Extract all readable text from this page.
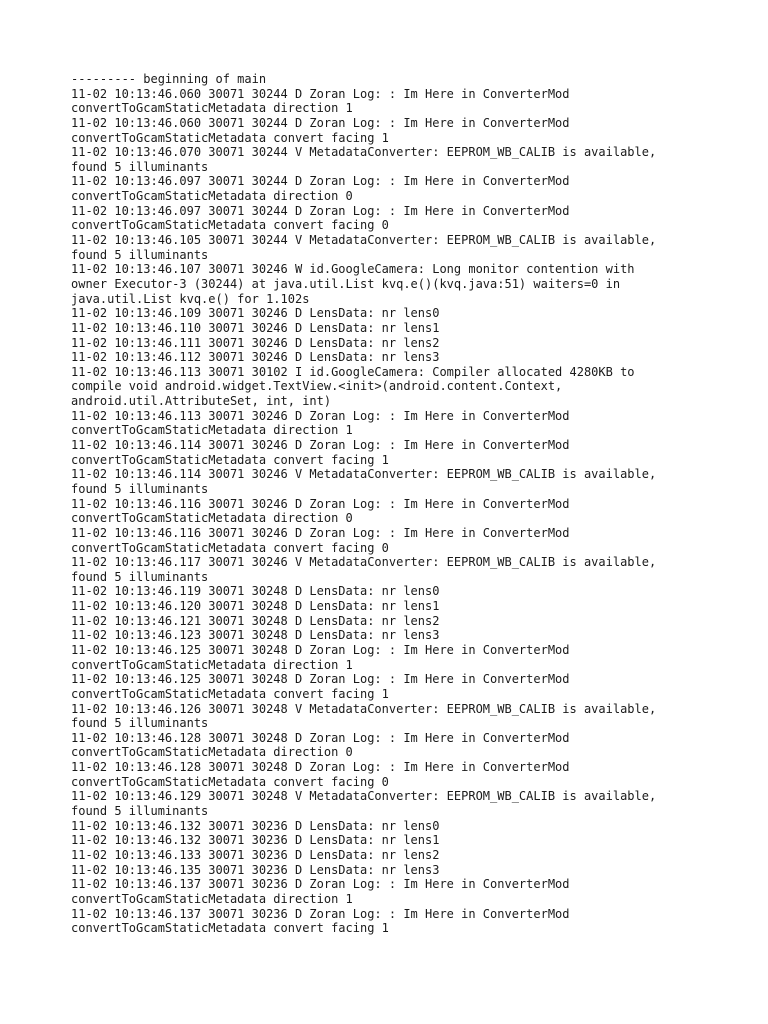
--------- beginning of main
11-02 10:13:46.060 30071 30244 D Zoran Log: : Im Here in ConverterMod
convertToGcamStaticMetadata direction 1
11-02 10:13:46.060 30071 30244 D Zoran Log: : Im Here in ConverterMod
convertToGcamStaticMetadata convert facing 1
11-02 10:13:46.070 30071 30244 V MetadataConverter: EEPROM_WB_CALIB is available,
found 5 illuminants
11-02 10:13:46.097 30071 30244 D Zoran Log: : Im Here in ConverterMod
convertToGcamStaticMetadata direction 0
11-02 10:13:46.097 30071 30244 D Zoran Log: : Im Here in ConverterMod
convertToGcamStaticMetadata convert facing 0
11-02 10:13:46.105 30071 30244 V MetadataConverter: EEPROM_WB_CALIB is available,
found 5 illuminants
11-02 10:13:46.107 30071 30246 W id.GoogleCamera: Long monitor contention with
owner Executor-3 (30244) at java.util.List kvq.e()(kvq.java:51) waiters=0 in
java.util.List kvq.e() for 1.102s
11-02 10:13:46.109 30071 30246 D LensData: nr lens0
11-02 10:13:46.110 30071 30246 D LensData: nr lens1
11-02 10:13:46.111 30071 30246 D LensData: nr lens2
11-02 10:13:46.112 30071 30246 D LensData: nr lens3
11-02 10:13:46.113 30071 30102 I id.GoogleCamera: Compiler allocated 4280KB to
compile void android.widget.TextView.<init>(android.content.Context,
android.util.AttributeSet, int, int)
11-02 10:13:46.113 30071 30246 D Zoran Log: : Im Here in ConverterMod
convertToGcamStaticMetadata direction 1
11-02 10:13:46.114 30071 30246 D Zoran Log: : Im Here in ConverterMod
convertToGcamStaticMetadata convert facing 1
11-02 10:13:46.114 30071 30246 V MetadataConverter: EEPROM_WB_CALIB is available,
found 5 illuminants
11-02 10:13:46.116 30071 30246 D Zoran Log: : Im Here in ConverterMod
convertToGcamStaticMetadata direction 0
11-02 10:13:46.116 30071 30246 D Zoran Log: : Im Here in ConverterMod
convertToGcamStaticMetadata convert facing 0
11-02 10:13:46.117 30071 30246 V MetadataConverter: EEPROM_WB_CALIB is available,
found 5 illuminants
11-02 10:13:46.119 30071 30248 D LensData: nr lens0
11-02 10:13:46.120 30071 30248 D LensData: nr lens1
11-02 10:13:46.121 30071 30248 D LensData: nr lens2
11-02 10:13:46.123 30071 30248 D LensData: nr lens3
11-02 10:13:46.125 30071 30248 D Zoran Log: : Im Here in ConverterMod
convertToGcamStaticMetadata direction 1
11-02 10:13:46.125 30071 30248 D Zoran Log: : Im Here in ConverterMod
convertToGcamStaticMetadata convert facing 1
11-02 10:13:46.126 30071 30248 V MetadataConverter: EEPROM_WB_CALIB is available,
found 5 illuminants
11-02 10:13:46.128 30071 30248 D Zoran Log: : Im Here in ConverterMod
convertToGcamStaticMetadata direction 0
11-02 10:13:46.128 30071 30248 D Zoran Log: : Im Here in ConverterMod
convertToGcamStaticMetadata convert facing 0
11-02 10:13:46.129 30071 30248 V MetadataConverter: EEPROM_WB_CALIB is available,
found 5 illuminants
11-02 10:13:46.132 30071 30236 D LensData: nr lens0
11-02 10:13:46.132 30071 30236 D LensData: nr lens1
11-02 10:13:46.133 30071 30236 D LensData: nr lens2
11-02 10:13:46.135 30071 30236 D LensData: nr lens3
11-02 10:13:46.137 30071 30236 D Zoran Log: : Im Here in ConverterMod
convertToGcamStaticMetadata direction 1
11-02 10:13:46.137 30071 30236 D Zoran Log: : Im Here in ConverterMod
convertToGcamStaticMetadata convert facing 1
